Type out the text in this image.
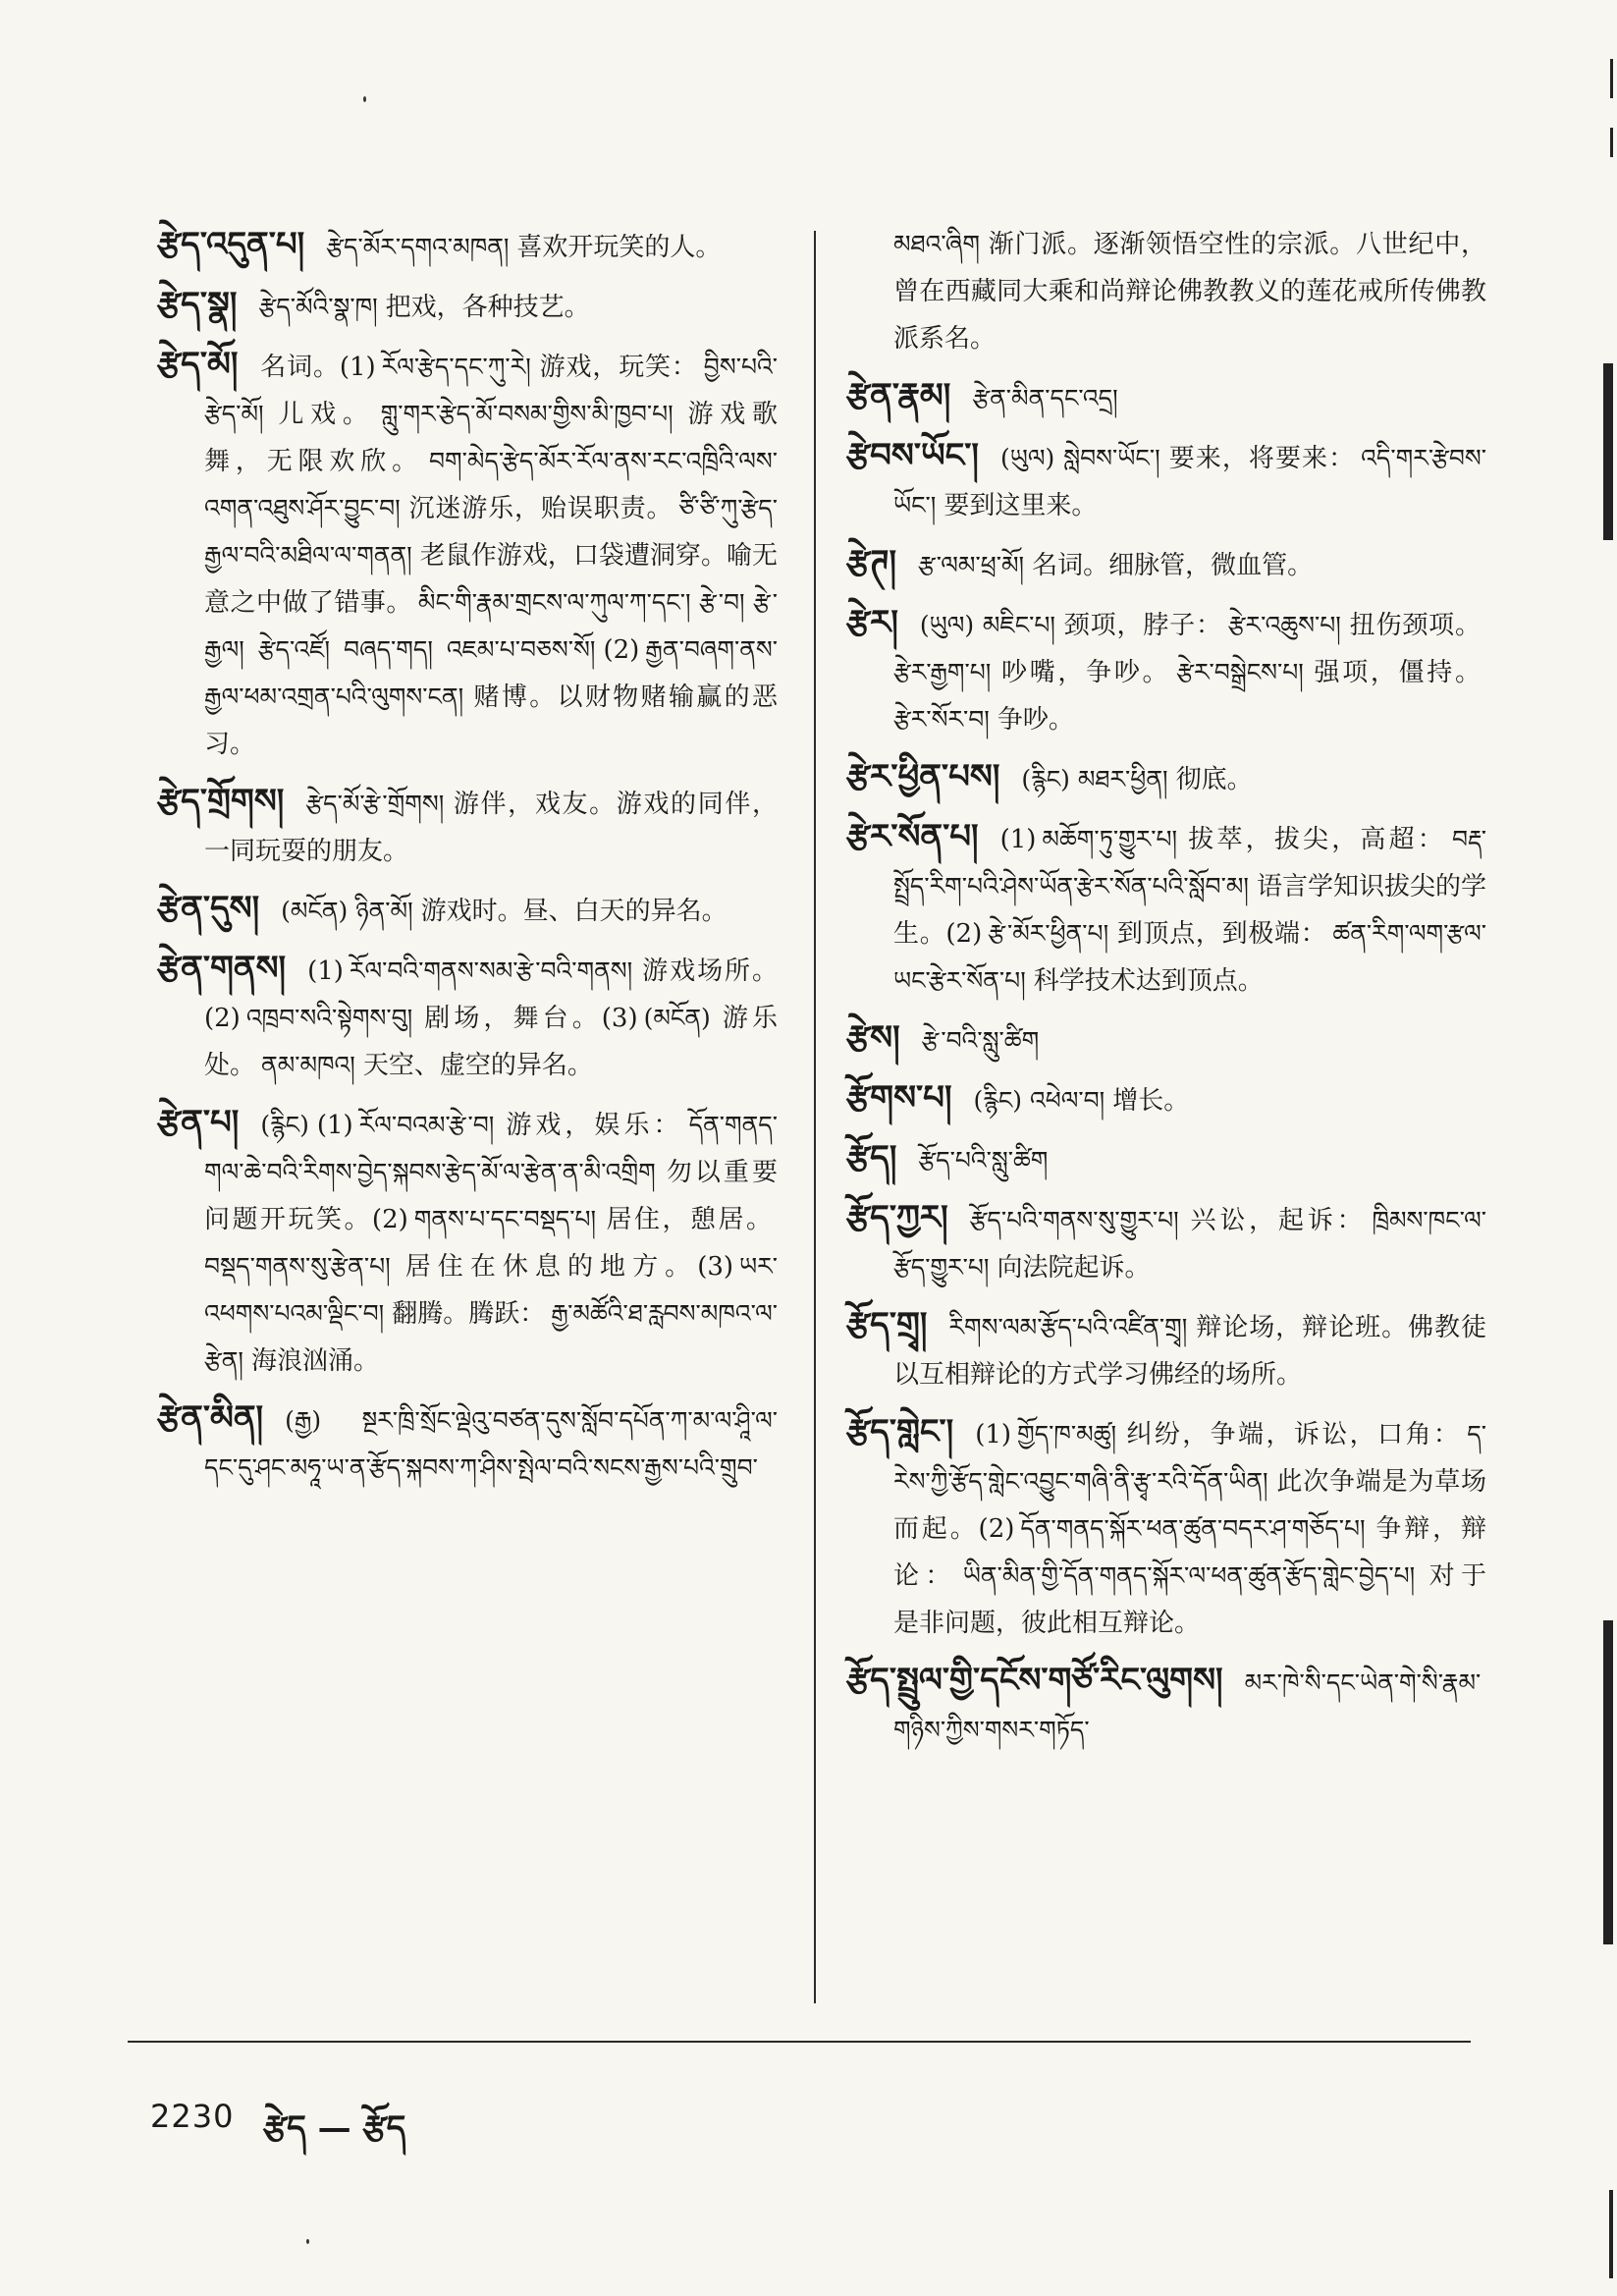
རྩེད་འདུན་པ། རྩེད་མོར་དགའ་མཁན། 喜欢开玩笑的人。

རྩེད་སྣ། རྩེད་མོའི་སྣ་ཁ། 把戏，各种技艺。

རྩེད་མོ། 名词。(1) རོལ་རྩེད་དང་ཀུ་རེ། 游戏，玩笑： བྱིས་པའི་རྩེད་མོ། 儿戏。 གླུ་གར་རྩེད་མོ་བསམ་གྱིས་མི་ཁྱབ་པ། 游戏歌舞，无限欢欣。 བག་མེད་རྩེད་མོར་རོལ་ནས་རང་འཁྲིའི་ལས་འགན་འཐུས་ཤོར་བྱུང་བ། 沉迷游乐，贻误职责。 ཙི་ཙི་ཀུ་རྩེད་རྒྱལ་བའི་མཐིལ་ལ་གནན། 老鼠作游戏，口袋遭洞穿。喻无意之中做了错事。 མིང་གི་རྣམ་གྲངས་ལ་ཀུལ་ཀ་དང་། རྩེ་བ། རྩེ་རྒྱལ། རྩེད་འཛོ། བཞད་གད། འཇམ་པ་བཅས་སོ། (2) རྒྱན་བཞག་ནས་རྒྱལ་ཕམ་འགྲན་པའི་ལུགས་ངན། 赌博。以财物赌输赢的恶习。

རྩེད་གྲོགས། རྩེད་མོ་རྩེ་གྲོགས། 游伴，戏友。游戏的同伴，一同玩耍的朋友。

རྩེན་དུས། (མངོན) ཉིན་མོ། 游戏时。昼、白天的异名。

རྩེན་གནས། (1) རོལ་བའི་གནས་སམ་རྩེ་བའི་གནས། 游戏场所。(2) འཁྲབ་སའི་སྟེགས་བུ། 剧场，舞台。(3) (མངོན) 游乐处。 ནམ་མཁའ། 天空、虚空的异名。

རྩེན་པ། (རྙིང) (1) རོལ་བའམ་རྩེ་བ། 游戏，娱乐： དོན་གནད་གལ་ཆེ་བའི་རིགས་བྱེད་སྐབས་རྩེད་མོ་ལ་རྩེན་ན་མི་འགྲིག 勿以重要问题开玩笑。(2) གནས་པ་དང་བསྡད་པ། 居住，憩居。བསྡད་གནས་སུ་རྩེན་པ། 居住在休息的地方。(3) ཡར་འཕགས་པའམ་ལྡིང་བ། 翻腾。腾跃： རྒྱ་མཚོའི་ཐ་རླབས་མཁའ་ལ་རྩེན། 海浪汹涌。

རྩེན་མིན། (རྒྱ) སྔར་ཁྲི་སྲོང་ལྡེའུ་བཙན་དུས་སློབ་དཔོན་ཀ་མ་ལ་ཤཱི་ལ་དང་དུ་ཤང་མཧཱ་ཡ་ན་རྩོད་སྐབས་ཀ་ཤིས་སྤེལ་བའི་སངས་རྒྱས་པའི་གྲུབ་

མཐའ་ཞིག 渐门派。逐渐领悟空性的宗派。八世纪中，曾在西藏同大乘和尚辩论佛教教义的莲花戒所传佛教派系名。

རྩེན་རྣམ། རྩེན་མིན་དང་འདྲ།

རྩེབས་ཡོང་། (ཡུལ) སླེབས་ཡོང་། 要来，将要来： འདི་གར་རྩེབས་ཡོང་། 要到这里来。

རྩེཊ། རྩ་ལམ་ཕྲ་མོ། 名词。细脉管，微血管。

རྩེར། (ཡུལ) མཇིང་པ། 颈项，脖子： རྩེར་འཆུས་པ། 扭伤颈项。རྩེར་རྒྱག་པ། 吵嘴，争吵。 རྩེར་བསྒྲེངས་པ། 强项，僵持。རྩེར་སོར་བ། 争吵。

རྩེར་ཕྱིན་པས། (རྙིང) མཐར་ཕྱིན། 彻底。

རྩེར་སོན་པ། (1) མཆོག་ཏུ་གྱུར་པ། 拔萃，拔尖，高超： བརྡ་སྤྲོད་རིག་པའི་ཤེས་ཡོན་རྩེར་སོན་པའི་སློབ་མ། 语言学知识拔尖的学生。(2) རྩེ་མོར་ཕྱིན་པ། 到顶点，到极端： ཚན་རིག་ལག་རྩལ་ཡང་རྩེར་སོན་པ། 科学技术达到顶点。

རྩེས། རྩེ་བའི་སླུ་ཚིག

རྩོགས་པ། (རྙིང) འཕེལ་བ། 增长。

རྩོད། རྩོད་པའི་སླུ་ཚིག

རྩོད་ཀྱར། རྩོད་པའི་གནས་སུ་གྱུར་པ། 兴讼，起诉： ཁྲིམས་ཁང་ལ་རྩོད་གྱུར་པ། 向法院起诉。

རྩོད་གྲྭ། རིགས་ལམ་རྩོད་པའི་འཛིན་གྲྭ། 辩论场，辩论班。佛教徒以互相辩论的方式学习佛经的场所。

རྩོད་གླེང་། (1) གྱོད་ཁ་མཚུ། 纠纷，争端，诉讼，口角： ད་རེས་ཀྱི་རྩོད་གླེང་འབྱུང་གཞི་ནི་རྩྭ་རའི་དོན་ཡིན། 此次争端是为草场而起。(2) དོན་གནད་སྐོར་ཕན་ཚུན་བདར་ཤ་གཅོད་པ། 争辩，辩论： ཡིན་མིན་གྱི་དོན་གནད་སྐོར་ལ་ཕན་ཚུན་རྩོད་གླེང་བྱེད་པ། 对于是非问题，彼此相互辩论。

རྩོད་སྤྲུལ་གྱི་དངོས་གཙོ་རིང་ལུགས། མར་ཁེ་སི་དང་ཡེན་གེ་སི་རྣམ་གཉིས་ཀྱིས་གསར་གཏོད་

2230 རྩེད — རྩོད
